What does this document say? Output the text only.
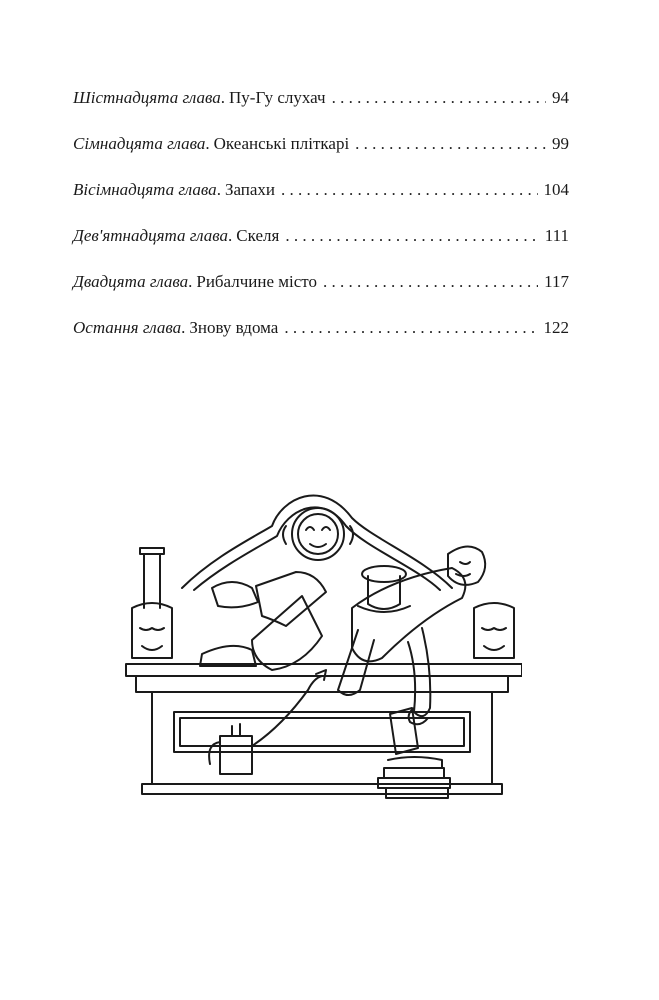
Шістнадцята глава . Пу-Гу слухач . . .	94
Сімнадцята глава . Океанські пліткарі . . .	99
Вісімнадцята глава . Запахи . . .	104
Дев'ятнадцята глава . Скеля . . .	111
Двадцята глава . Рибалчине місто . . .	117
Остання глава . Знову вдома . . .	122
